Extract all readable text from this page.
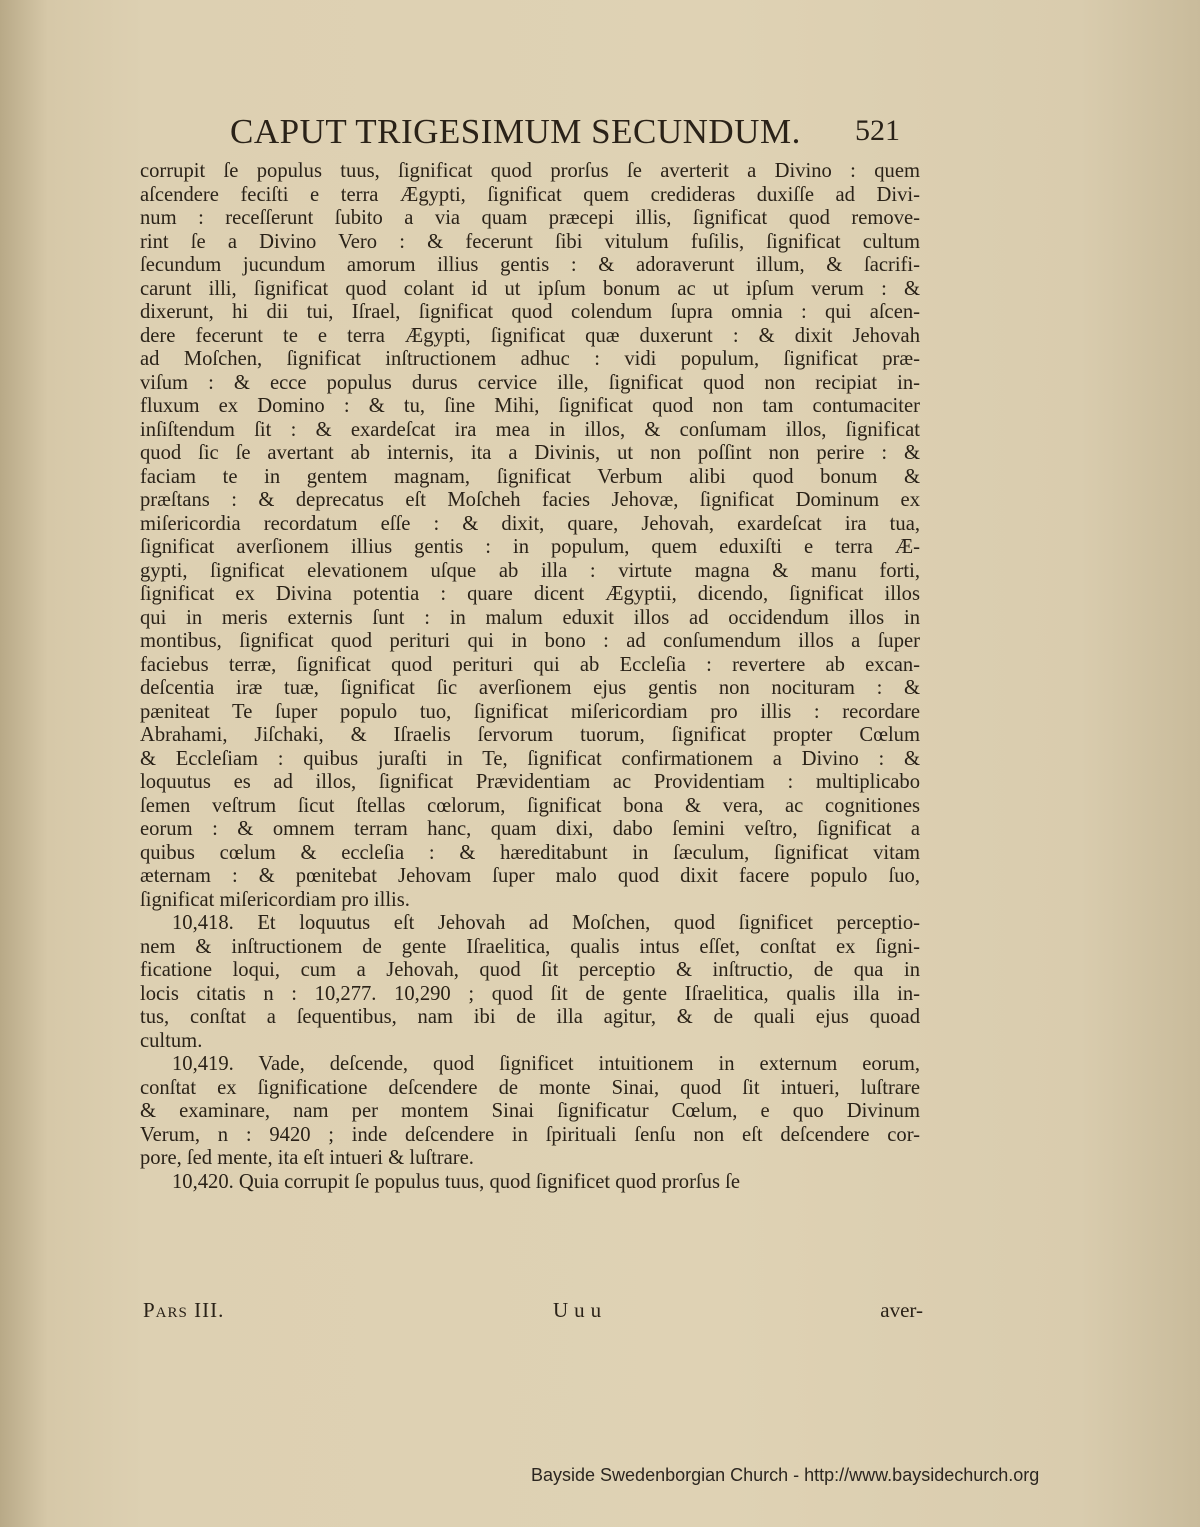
CAPUT TRIGESIMUM SECUNDUM. 521
corrupit ſe populus tuus, ſignificat quod prorſus ſe averterit a Divino : quem
aſcendere feciſti e terra Ægypti, ſignificat quem credideras duxiſſe ad Divi-
num : receſſerunt ſubito a via quam præcepi illis, ſignificat quod remove-
rint ſe a Divino Vero : & fecerunt ſibi vitulum fuſilis, ſignificat cultum
ſecundum jucundum amorum illius gentis : & adoraverunt illum, & ſacrifi-
carunt illi, ſignificat quod colant id ut ipſum bonum ac ut ipſum verum : &
dixerunt, hi dii tui, Iſrael, ſignificat quod colendum ſupra omnia : qui aſcen-
dere fecerunt te e terra Ægypti, ſignificat quæ duxerunt : & dixit Jehovah
ad Moſchen, ſignificat inſtructionem adhuc : vidi populum, ſignificat præ-
viſum : & ecce populus durus cervice ille, ſignificat quod non recipiat in-
fluxum ex Domino : & tu, ſine Mihi, ſignificat quod non tam contumaciter
inſiſtendum ſit : & exardeſcat ira mea in illos, & conſumam illos, ſignificat
quod ſic ſe avertant ab internis, ita a Divinis, ut non poſſint non perire : &
faciam te in gentem magnam, ſignificat Verbum alibi quod bonum &
præſtans : & deprecatus eſt Moſcheh facies Jehovæ, ſignificat Dominum ex
miſericordia recordatum eſſe : & dixit, quare, Jehovah, exardeſcat ira tua,
ſignificat averſionem illius gentis : in populum, quem eduxiſti e terra Æ-
gypti, ſignificat elevationem uſque ab illa : virtute magna & manu forti,
ſignificat ex Divina potentia : quare dicent Ægyptii, dicendo, ſignificat illos
qui in meris externis ſunt : in malum eduxit illos ad occidendum illos in
montibus, ſignificat quod perituri qui in bono : ad conſumendum illos a ſuper
faciebus terræ, ſignificat quod perituri qui ab Eccleſia : revertere ab excan-
deſcentia iræ tuæ, ſignificat ſic averſionem ejus gentis non nocituram : &
pæniteat Te ſuper populo tuo, ſignificat miſericordiam pro illis : recordare
Abrahami, Jiſchaki, & Iſraelis ſervorum tuorum, ſignificat propter Cœlum
& Eccleſiam : quibus juraſti in Te, ſignificat confirmationem a Divino : &
loquutus es ad illos, ſignificat Prævidentiam ac Providentiam : multiplicabo
ſemen veſtrum ſicut ſtellas cœlorum, ſignificat bona & vera, ac cognitiones
eorum : & omnem terram hanc, quam dixi, dabo ſemini veſtro, ſignificat a
quibus cœlum & eccleſia : & hæreditabunt in ſæculum, ſignificat vitam
æternam : & pœnitebat Jehovam ſuper malo quod dixit facere populo ſuo,
ſignificat miſericordiam pro illis.
10,418. Et loquutus eſt Jehovah ad Moſchen, quod ſignificet perceptio-
nem & inſtructionem de gente Iſraelitica, qualis intus eſſet, conſtat ex ſigni-
ficatione loqui, cum a Jehovah, quod ſit perceptio & inſtructio, de qua in
locis citatis n : 10,277. 10,290 ; quod ſit de gente Iſraelitica, qualis illa in-
tus, conſtat a ſequentibus, nam ibi de illa agitur, & de quali ejus quoad
cultum.
10,419. Vade, deſcende, quod ſignificet intuitionem in externum eorum,
conſtat ex ſignificatione deſcendere de monte Sinai, quod ſit intueri, luſtrare
& examinare, nam per montem Sinai ſignificatur Cœlum, e quo Divinum
Verum, n : 9420 ; inde deſcendere in ſpirituali ſenſu non eſt deſcendere cor-
pore, ſed mente, ita eſt intueri & luſtrare.
10,420. Quia corrupit ſe populus tuus, quod ſignificet quod prorſus ſe
Pars III.	Uuu	aver-
Bayside Swedenborgian Church - http://www.baysidechurch.org
